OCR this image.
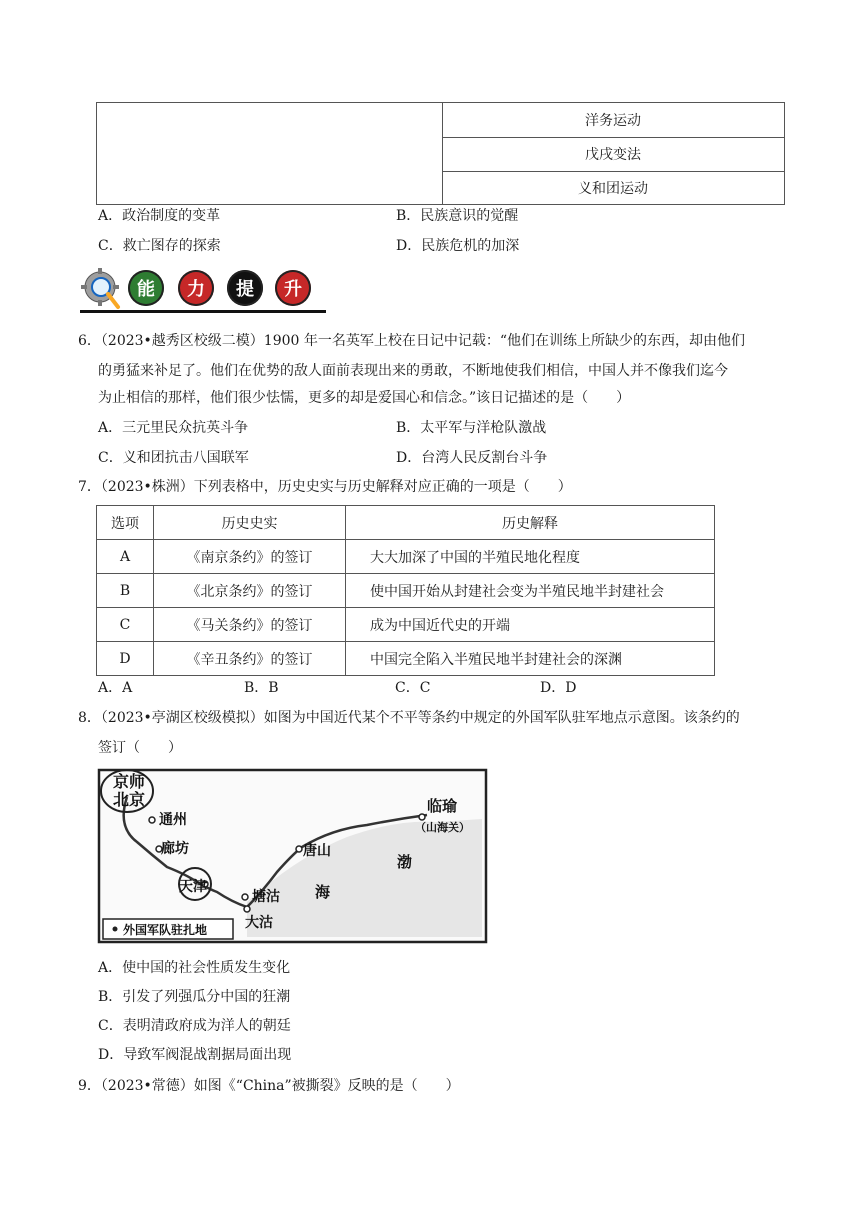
洋务运动
戊戌变法
义和团运动
A．政治制度的变革	B．民族意识的觉醒
C．救亡图存的探索	D．民族危机的加深
能	力	提	升
6．（2023•越秀区校级二模）1900 年一名英军上校在日记中记载：“他们在训练上所缺少的东西，却由他们
的勇猛来补足了。他们在优势的敌人面前表现出来的勇敢，不断地使我们相信，中国人并不像我们迄今
为止相信的那样，他们很少怯懦，更多的却是爱国心和信念。”该日记描述的是（　　）
A．三元里民众抗英斗争	B．太平军与洋枪队激战
C．义和团抗击八国联军	D．台湾人民反割台斗争
7．（2023•株洲）下列表格中，历史史实与历史解释对应正确的一项是（　　）
选项	历史史实	历史解释
A	《南京条约》的签订	大大加深了中国的半殖民地化程度
B	《北京条约》的签订	使中国开始从封建社会变为半殖民地半封建社会
C	《马关条约》的签订	成为中国近代史的开端
D	《辛丑条约》的签订	中国完全陷入半殖民地半封建社会的深渊
A．A	B．B	C．C	D．D
8．（2023•亭湖区校级模拟）如图为中国近代某个不平等条约中规定的外国军队驻军地点示意图。该条约的
签订（　　）
京师
北京
通州
廊坊
天津
塘沽
大沽
唐山
临瑜
（山海关）
渤
海
外国军队驻扎地
A．使中国的社会性质发生变化
B．引发了列强瓜分中国的狂潮
C．表明清政府成为洋人的朝廷
D．导致军阀混战割据局面出现
9．（2023•常德）如图《“China”被撕裂》反映的是（　　）
